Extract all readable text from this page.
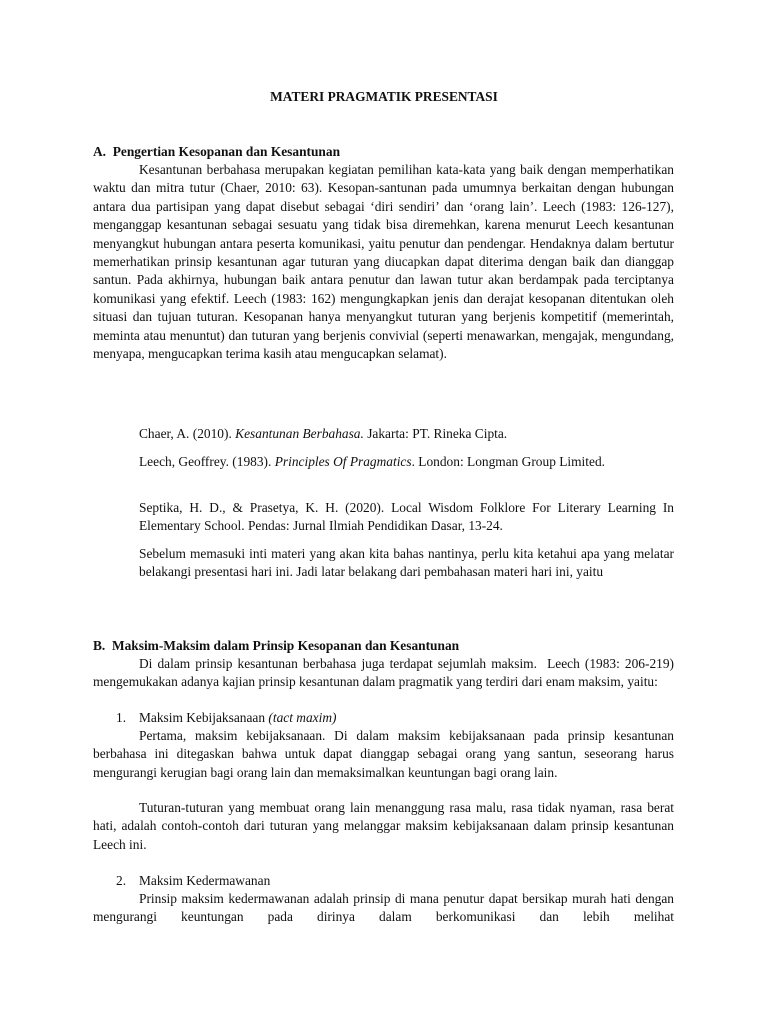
MATERI PRAGMATIK PRESENTASI
A.  Pengertian Kesopanan dan Kesantunan
Kesantunan berbahasa merupakan kegiatan pemilihan kata-kata yang baik dengan memperhatikan waktu dan mitra tutur (Chaer, 2010: 63). Kesopan-santunan pada umumnya berkaitan dengan hubungan antara dua partisipan yang dapat disebut sebagai ‘diri sendiri’ dan ‘orang lain’. Leech (1983: 126-127), menganggap kesantunan sebagai sesuatu yang tidak bisa diremehkan, karena menurut Leech kesantunan menyangkut hubungan antara peserta komunikasi, yaitu penutur dan pendengar. Hendaknya dalam bertutur memerhatikan prinsip kesantunan agar tuturan yang diucapkan dapat diterima dengan baik dan dianggap santun. Pada akhirnya, hubungan baik antara penutur dan lawan tutur akan berdampak pada terciptanya komunikasi yang efektif. Leech (1983: 162) mengungkapkan jenis dan derajat kesopanan ditentukan oleh situasi dan tujuan tuturan. Kesopanan hanya menyangkut tuturan yang berjenis kompetitif (memerintah, meminta atau menuntut) dan tuturan yang berjenis convivial (seperti menawarkan, mengajak, mengundang, menyapa, mengucapkan terima kasih atau mengucapkan selamat).
Chaer, A. (2010). Kesantunan Berbahasa. Jakarta: PT. Rineka Cipta.
Leech, Geoffrey. (1983). Principles Of Pragmatics. London: Longman Group Limited.
Septika, H. D., & Prasetya, K. H. (2020). Local Wisdom Folklore For Literary Learning In Elementary School. Pendas: Jurnal Ilmiah Pendidikan Dasar, 13-24.
Sebelum memasuki inti materi yang akan kita bahas nantinya, perlu kita ketahui apa yang melatar belakangi presentasi hari ini. Jadi latar belakang dari pembahasan materi hari ini, yaitu
B.  Maksim-Maksim dalam Prinsip Kesopanan dan Kesantunan
Di dalam prinsip kesantunan berbahasa juga terdapat sejumlah maksim.  Leech (1983: 206-219) mengemukakan adanya kajian prinsip kesantunan dalam pragmatik yang terdiri dari enam maksim, yaitu:
1. Maksim Kebijaksanaan (tact maxim)
Pertama, maksim kebijaksanaan. Di dalam maksim kebijaksanaan pada prinsip kesantunan berbahasa ini ditegaskan bahwa untuk dapat dianggap sebagai orang yang santun, seseorang harus mengurangi kerugian bagi orang lain dan memaksimalkan keuntungan bagi orang lain.
Tuturan-tuturan yang membuat orang lain menanggung rasa malu, rasa tidak nyaman, rasa berat hati, adalah contoh-contoh dari tuturan yang melanggar maksim kebijaksanaan dalam prinsip kesantunan Leech ini.
2. Maksim Kedermawanan
Prinsip maksim kedermawanan adalah prinsip di mana penutur dapat bersikap murah hati dengan mengurangi keuntungan pada dirinya dalam berkomunikasi dan lebih melihat
